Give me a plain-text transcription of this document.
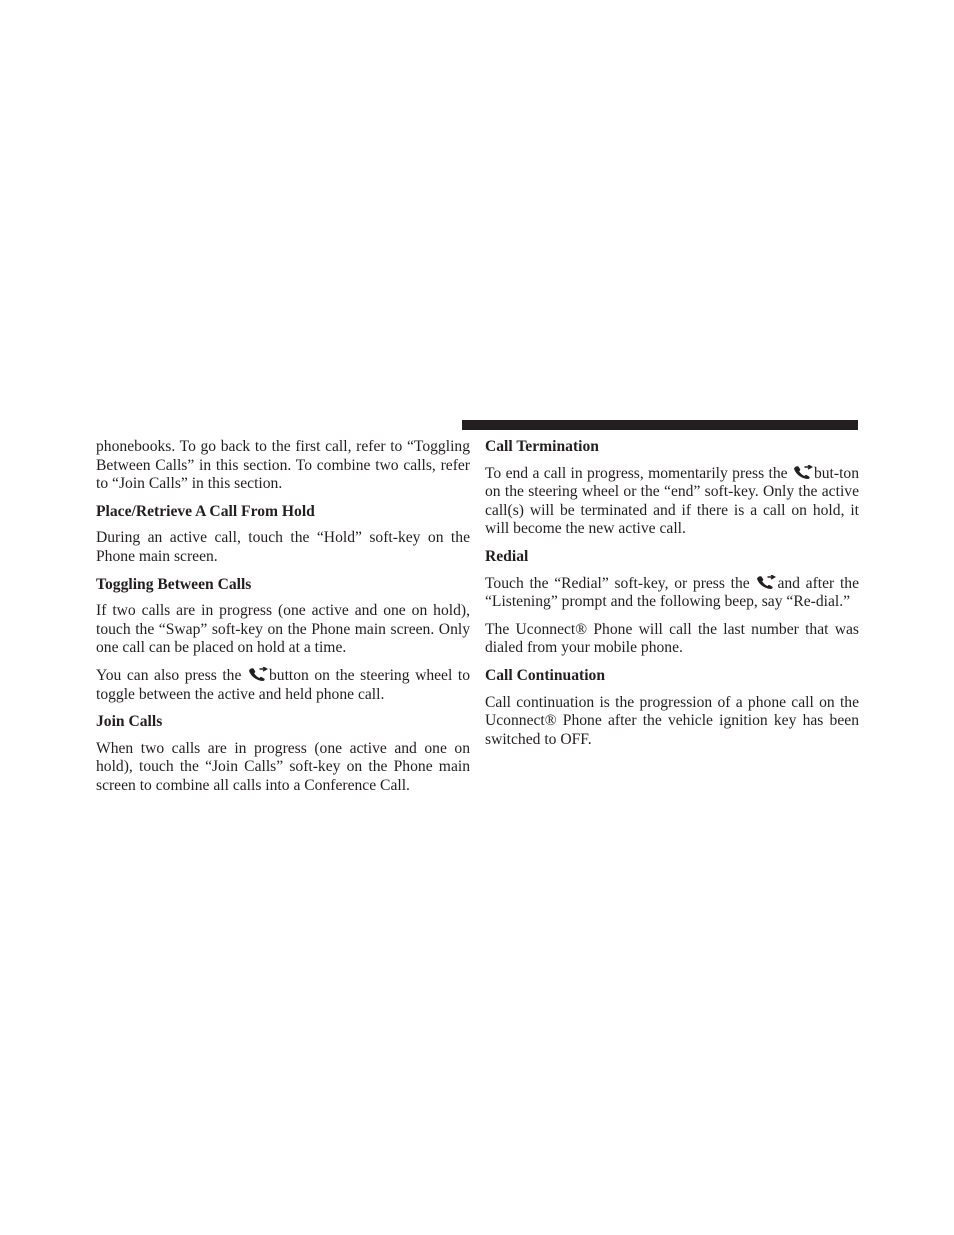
phonebooks. To go back to the first call, refer to “Toggling Between Calls” in this section. To combine two calls, refer to “Join Calls” in this section.

Place/Retrieve A Call From Hold

During an active call, touch the “Hold” soft-key on the Phone main screen.

Toggling Between Calls

If two calls are in progress (one active and one on hold), touch the “Swap” soft-key on the Phone main screen. Only one call can be placed on hold at a time.

You can also press the button on the steering wheel to toggle between the active and held phone call.

Join Calls

When two calls are in progress (one active and one on hold), touch the “Join Calls” soft-key on the Phone main screen to combine all calls into a Conference Call.

Call Termination

To end a call in progress, momentarily press the but-ton on the steering wheel or the “end” soft-key. Only the active call(s) will be terminated and if there is a call on hold, it will become the new active call.

Redial

Touch the “Redial” soft-key, or press the and after the “Listening” prompt and the following beep, say “Re-dial.”

The Uconnect® Phone will call the last number that was dialed from your mobile phone.

Call Continuation

Call continuation is the progression of a phone call on the Uconnect® Phone after the vehicle ignition key has been switched to OFF.
